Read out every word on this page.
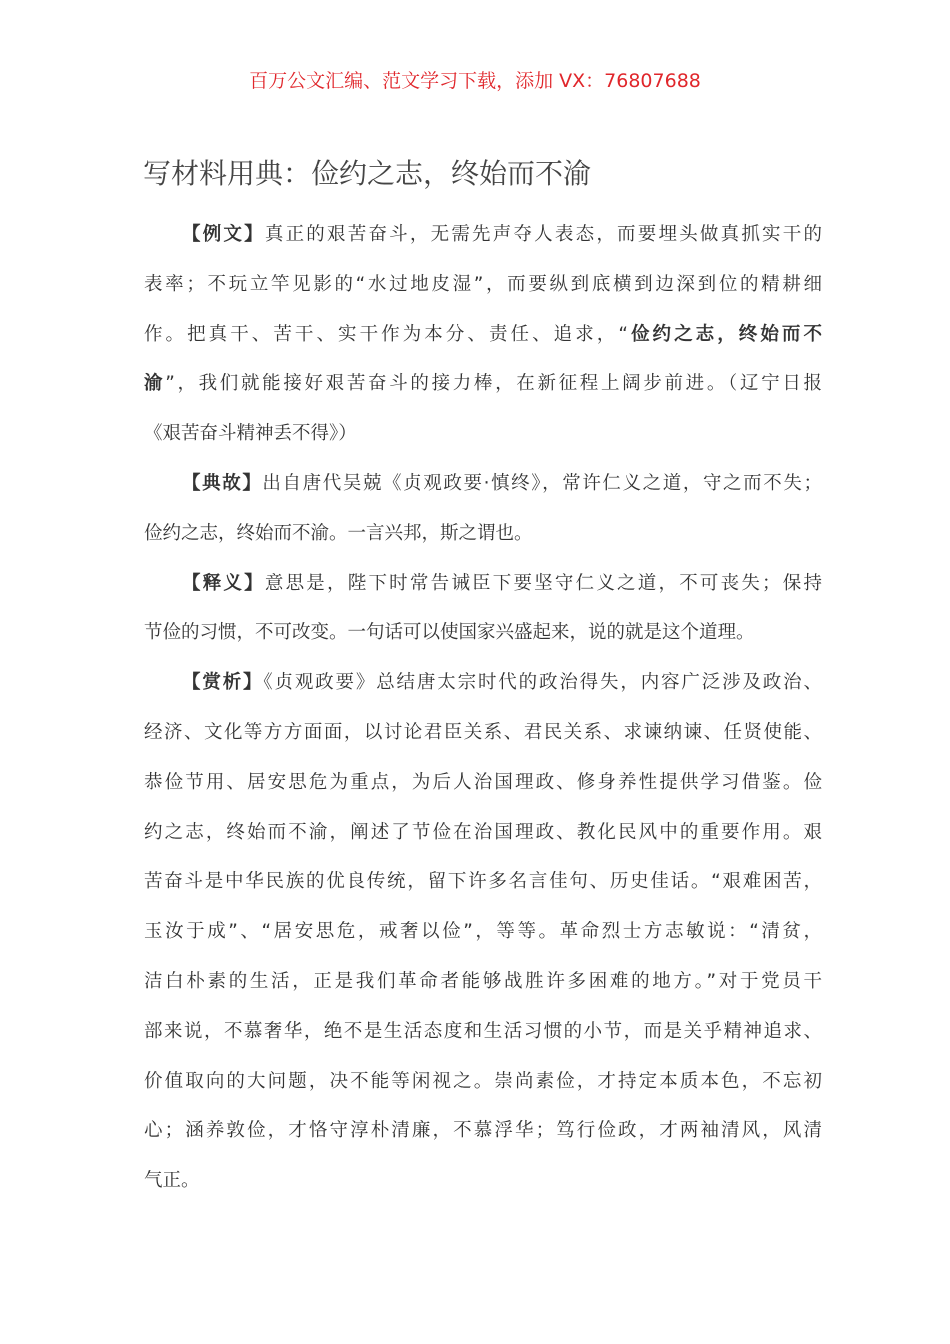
百万公文汇编、范文学习下载，添加 VX：76807688
写材料用典：俭约之志，终始而不渝
【例文】真正的艰苦奋斗，无需先声夺人表态，而要埋头做真抓实干的
表率；不玩立竿见影的“水过地皮湿”，而要纵到底横到边深到位的精耕细
作。把真干、苦干、实干作为本分、责任、追求，“俭约之志，终始而不
渝”，我们就能接好艰苦奋斗的接力棒，在新征程上阔步前进。（辽宁日报
《艰苦奋斗精神丢不得》）
【典故】出自唐代吴兢《贞观政要·慎终》，常许仁义之道，守之而不失；
俭约之志，终始而不渝。一言兴邦，斯之谓也。
【释义】意思是，陛下时常告诫臣下要坚守仁义之道，不可丧失；保持
节俭的习惯，不可改变。一句话可以使国家兴盛起来，说的就是这个道理。
【赏析】《贞观政要》总结唐太宗时代的政治得失，内容广泛涉及政治、
经济、文化等方方面面，以讨论君臣关系、君民关系、求谏纳谏、任贤使能、
恭俭节用、居安思危为重点，为后人治国理政、修身养性提供学习借鉴。俭
约之志，终始而不渝，阐述了节俭在治国理政、教化民风中的重要作用。艰
苦奋斗是中华民族的优良传统，留下许多名言佳句、历史佳话。“艰难困苦，
玉汝于成”、“居安思危，戒奢以俭”，等等。革命烈士方志敏说：“清贫，
洁白朴素的生活，正是我们革命者能够战胜许多困难的地方。”对于党员干
部来说，不慕奢华，绝不是生活态度和生活习惯的小节，而是关乎精神追求、
价值取向的大问题，决不能等闲视之。崇尚素俭，才持定本质本色，不忘初
心；涵养敦俭，才恪守淳朴清廉，不慕浮华；笃行俭政，才两袖清风，风清
气正。
